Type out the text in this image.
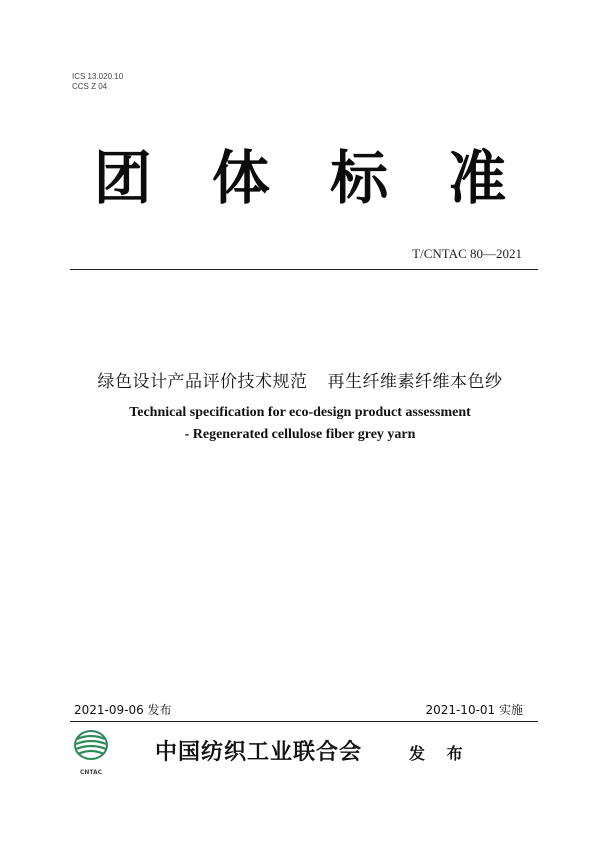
ICS 13.020.10
CCS Z 04
团 体 标 准
T/CNTAC 80—2021
绿色设计产品评价技术规范 再生纤维素纤维本色纱
Technical specification for eco-design product assessment
- Regenerated cellulose fiber grey yarn
2021-09-06 发布	2021-10-01 实施
CNTAC
中国纺织工业联合会	发 布
